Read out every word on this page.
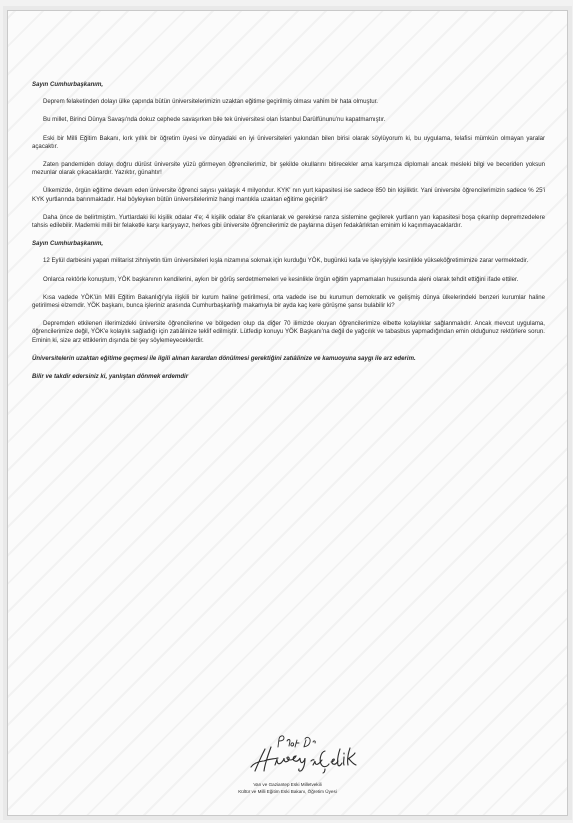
Sayın Cumhurbaşkanım,

Deprem felaketinden dolayı ülke çapında bütün üniversitelerimizin uzaktan eğitime geçirilmiş olması vahim bir hata olmuştur.

Bu millet, Birinci Dünya Savaşı'nda dokuz cephede savaşırken bile tek üniversitesi olan İstanbul Darülfünunu'nu kapatmamıştır.

Eski bir Milli Eğitim Bakanı, kırk yıllık bir öğretim üyesi ve dünyadaki en iyi üniversiteleri yakından bilen birisi olarak söylüyorum ki, bu uygulama, telafisi mümkün olmayan yaralar açacaktır.

Zaten pandemiden dolayı doğru dürüst üniversite yüzü görmeyen öğrencilerimiz, bir şekilde okullarını bitirecekler ama karşımıza diplomalı ancak mesleki bilgi ve beceriden yoksun mezunlar olarak çıkacaklardır. Yazıktır, günahtır!

Ülkemizde, örgün eğitime devam eden üniversite öğrenci sayısı yaklaşık 4 milyondur. KYK' nın yurt kapasitesi ise sadece 850 bin kişiliktir. Yani üniversite öğrencilerimizin sadece % 25'i KYK yurtlarında barınmaktadır. Hal böyleyken bütün üniversitelerimiz hangi mantıkla uzaktan eğitime geçirilir?

Daha önce de belirtmiştim. Yurtlardaki iki kişilik odalar 4'e; 4 kişilik odalar 8'e çıkarılarak ve gerekirse ranza sistemine geçilerek yurtların yarı kapasitesi boşa çıkarılıp depremzedelere tahsis edilebilir. Mademki milli bir felaketle karşı karşıyayız, herkes gibi üniversite öğrencilerimiz de paylarına düşen fedakârlıktan eminim ki kaçınmayacaklardır.

Sayın Cumhurbaşkanım,

12 Eylül darbesini yapan militarist zihniyetin tüm üniversiteleri kışla nizamına sokmak için kurduğu YÖK, bugünkü kafa ve işleyişiyle kesinlikle yükseköğretimimize zarar vermektedir.

Onlarca rektörle konuştum, YÖK başkanının kendilerini, aykırı bir görüş serdetmemeleri ve kesinlikle örgün eğitim yapmamaları hususunda aleni olarak tehdit ettiğini ifade ettiler.

Kısa vadede YÖK'ün Milli Eğitim Bakanlığı'yla ilişkili bir kurum haline getirilmesi, orta vadede ise bu kurumun demokratik ve gelişmiş dünya ülkelerindeki benzeri kurumlar haline getirilmesi elzemdir. YÖK başkanı, bunca işleriniz arasında Cumhurbaşkanlığı makamıyla bir ayda kaç kere görüşme şansı bulabilir ki?

Depremden etkilenen illerimizdeki üniversite öğrencilerine ve bölgeden olup da diğer 70 ilimizde okuyan öğrencilerimize elbette kolaylıklar sağlanmalıdır. Ancak mevcut uygulama, öğrencilerimize değil, YÖK'e kolaylık sağladığı için zatıâlinize teklif edilmiştir. Lütfedip konuyu YÖK Başkanı'na değil de yağcılık ve tabasbus yapmadığından emin olduğunuz rektörlere sorun. Eminin ki, size arz ettiklerim dışında bir şey söylemeyeceklerdir.

Üniversitelerin uzaktan eğitime geçmesi ile ilgili alınan karardan dönülmesi gerektiğini zatıâlinize ve kamuoyuna saygı ile arz ederim.

Bilir ve takdir edersiniz ki, yanlıştan dönmek erdemdir

Van ve Gaziantep Eski Milletvekili
Kültür ve Milli Eğitim Eski Bakanı, Öğretim Üyesi
